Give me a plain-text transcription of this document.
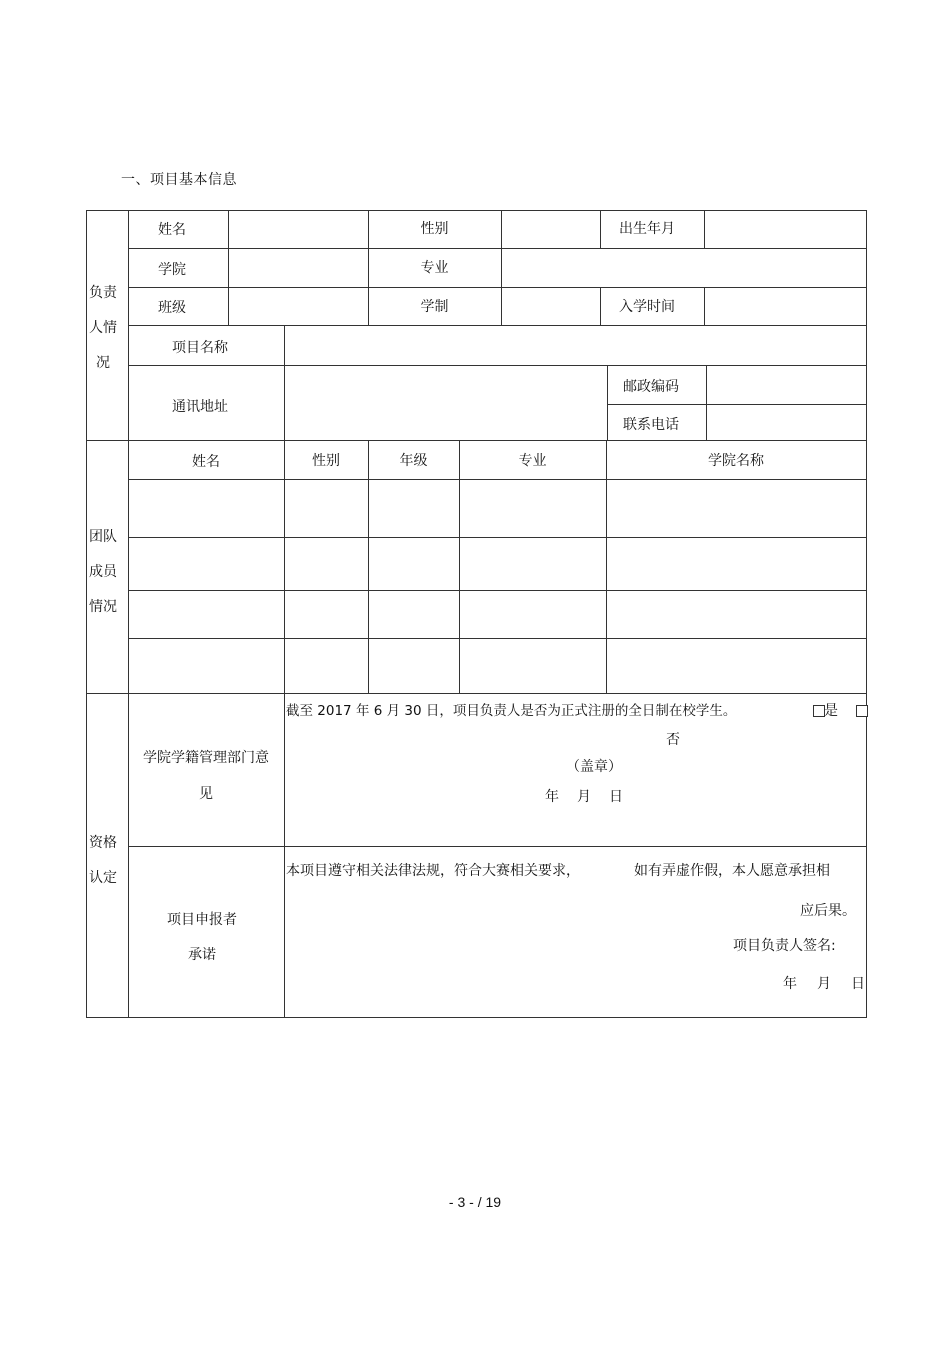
一、项目基本信息
负责
人情
况
姓名	性别	出生年月
学院	专业
班级	学制	入学时间
项目名称
通讯地址
邮政编码
联系电话
团队
成员
情况
姓名	性别	年级	专业	学院名称
资格
认定
学院学籍管理部门意
见
截至 2017 年 6 月 30 日，项目负责人是否为正式注册的全日制在校学生。	是
否
（盖章）
年　月　日
项目申报者
承诺
本项目遵守相关法律法规，符合大赛相关要求，	如有弄虚作假，本人愿意承担相
应后果。
项目负责人签名:
年　月　日
- 3 - / 19
